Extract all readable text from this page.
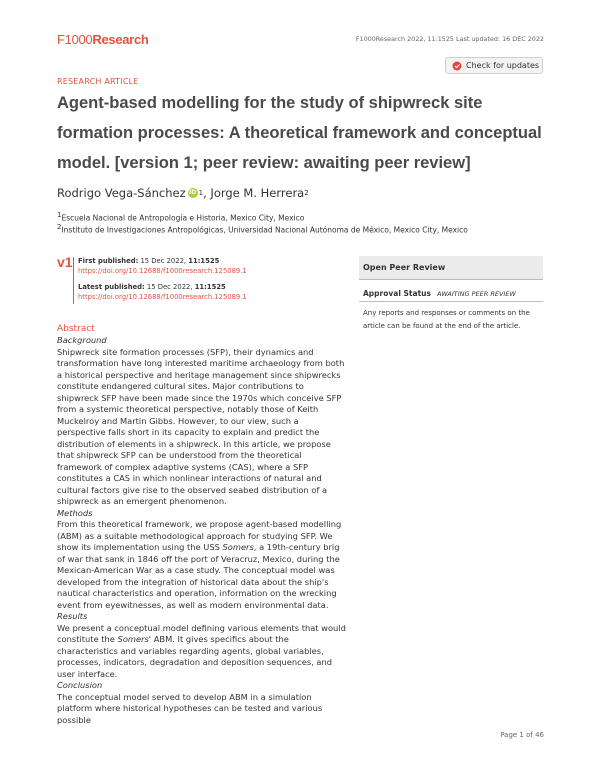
F1000Research	F1000Research 2022, 11:1525 Last updated: 16 DEC 2022
Check for updates
RESEARCH ARTICLE
Agent-based modelling for the study of shipwreck site
formation processes: A theoretical framework and conceptual
model. [version 1; peer review: awaiting peer review]
Rodrigo Vega-Sánchez iD 1 ,
Jorge M. Herrera 2
$^1$Escuela Nacional de Antropología e Historia, Mexico City, Mexico
$^2$Instituto de Investigaciones Antropológicas, Universidad Nacional Autónoma de México, Mexico City, Mexico
v1 First published: 15 Dec 2022, 11:1525
https://doi.org/10.12688/f1000research.125089.1
Latest published: 15 Dec 2022, 11:1525
https://doi.org/10.12688/f1000research.125089.1
Open Peer Review
Approval Status AWAITING PEER REVIEW
Any reports and responses or comments on the
article can be found at the end of the article.
Abstract
Background

Shipwreck site formation processes (SFP), their dynamics and transformation have long interested maritime archaeology from both a historical perspective and heritage management since shipwrecks constitute endangered cultural sites. Major contributions to shipwreck SFP have been made since the 1970s which conceive SFP from a systemic theoretical perspective, notably those of Keith Muckelroy and Martin Gibbs. However, to our view, such a perspective falls short in its capacity to explain and predict the distribution of elements in a shipwreck. In this article, we propose that shipwreck SFP can be understood from the theoretical framework of complex adaptive systems (CAS), where a SFP constitutes a CAS in which nonlinear interactions of natural and cultural factors give rise to the observed seabed distribution of a shipwreck as an emergent phenomenon.

Methods

From this theoretical framework, we propose agent-based modelling (ABM) as a suitable methodological approach for studying SFP. We show its implementation using the USS Somers, a 19th-century brig of war that sank in 1846 off the port of Veracruz, Mexico, during the Mexican-American War as a case study. The conceptual model was developed from the integration of historical data about the ship's nautical characteristics and operation, information on the wrecking event from eyewitnesses, as well as modern environmental data.

Results

We present a conceptual model defining various elements that would constitute the Somers' ABM. It gives specifics about the characteristics and variables regarding agents, global variables, processes, indicators, degradation and deposition sequences, and user interface.

Conclusion

The conceptual model served to develop ABM in a simulation platform where historical hypotheses can be tested and various possible

Page 1 of 46
